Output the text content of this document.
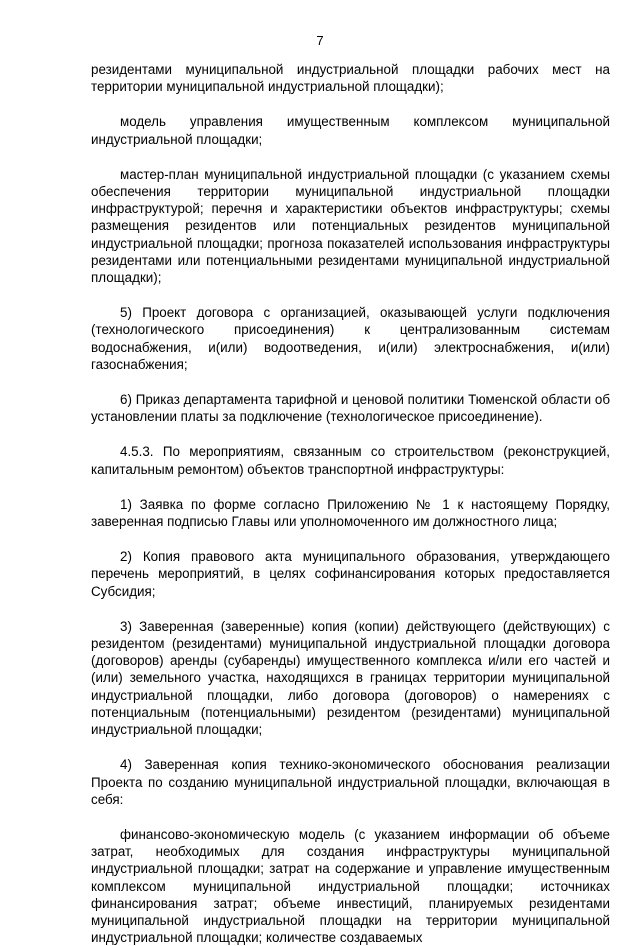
7

резидентами муниципальной индустриальной площадки рабочих мест на территории муниципальной индустриальной площадки);

модель управления имущественным комплексом муниципальной индустриальной площадки;

мастер-план муниципальной индустриальной площадки (с указанием схемы обеспечения территории муниципальной индустриальной площадки инфраструктурой; перечня и характеристики объектов инфраструктуры; схемы размещения резидентов или потенциальных резидентов муниципальной индустриальной площадки; прогноза показателей использования инфраструктуры резидентами или потенциальными резидентами муниципальной индустриальной площадки);

5) Проект договора с организацией, оказывающей услуги подключения (технологического присоединения) к централизованным системам водоснабжения, и(или) водоотведения, и(или) электроснабжения, и(или) газоснабжения;

6) Приказ департамента тарифной и ценовой политики Тюменской области об установлении платы за подключение (технологическое присоединение).

4.5.3. По мероприятиям, связанным со строительством (реконструкцией, капитальным ремонтом) объектов транспортной инфраструктуры:

1) Заявка по форме согласно Приложению № 1 к настоящему Порядку, заверенная подписью Главы или уполномоченного им должностного лица;

2) Копия правового акта муниципального образования, утверждающего перечень мероприятий, в целях софинансирования которых предоставляется Субсидия;

3) Заверенная (заверенные) копия (копии) действующего (действующих) с резидентом (резидентами) муниципальной индустриальной площадки договора (договоров) аренды (субаренды) имущественного комплекса и/или его частей и (или) земельного участка, находящихся в границах территории муниципальной индустриальной площадки, либо договора (договоров) о намерениях с потенциальным (потенциальными) резидентом (резидентами) муниципальной индустриальной площадки;

4) Заверенная копия технико-экономического обоснования реализации Проекта по созданию муниципальной индустриальной площадки, включающая в себя:

финансово-экономическую модель (с указанием информации об объеме затрат, необходимых для создания инфраструктуры муниципальной индустриальной площадки; затрат на содержание и управление имущественным комплексом муниципальной индустриальной площадки; источниках финансирования затрат; объеме инвестиций, планируемых резидентами муниципальной индустриальной площадки на территории муниципальной индустриальной площадки; количестве создаваемых
